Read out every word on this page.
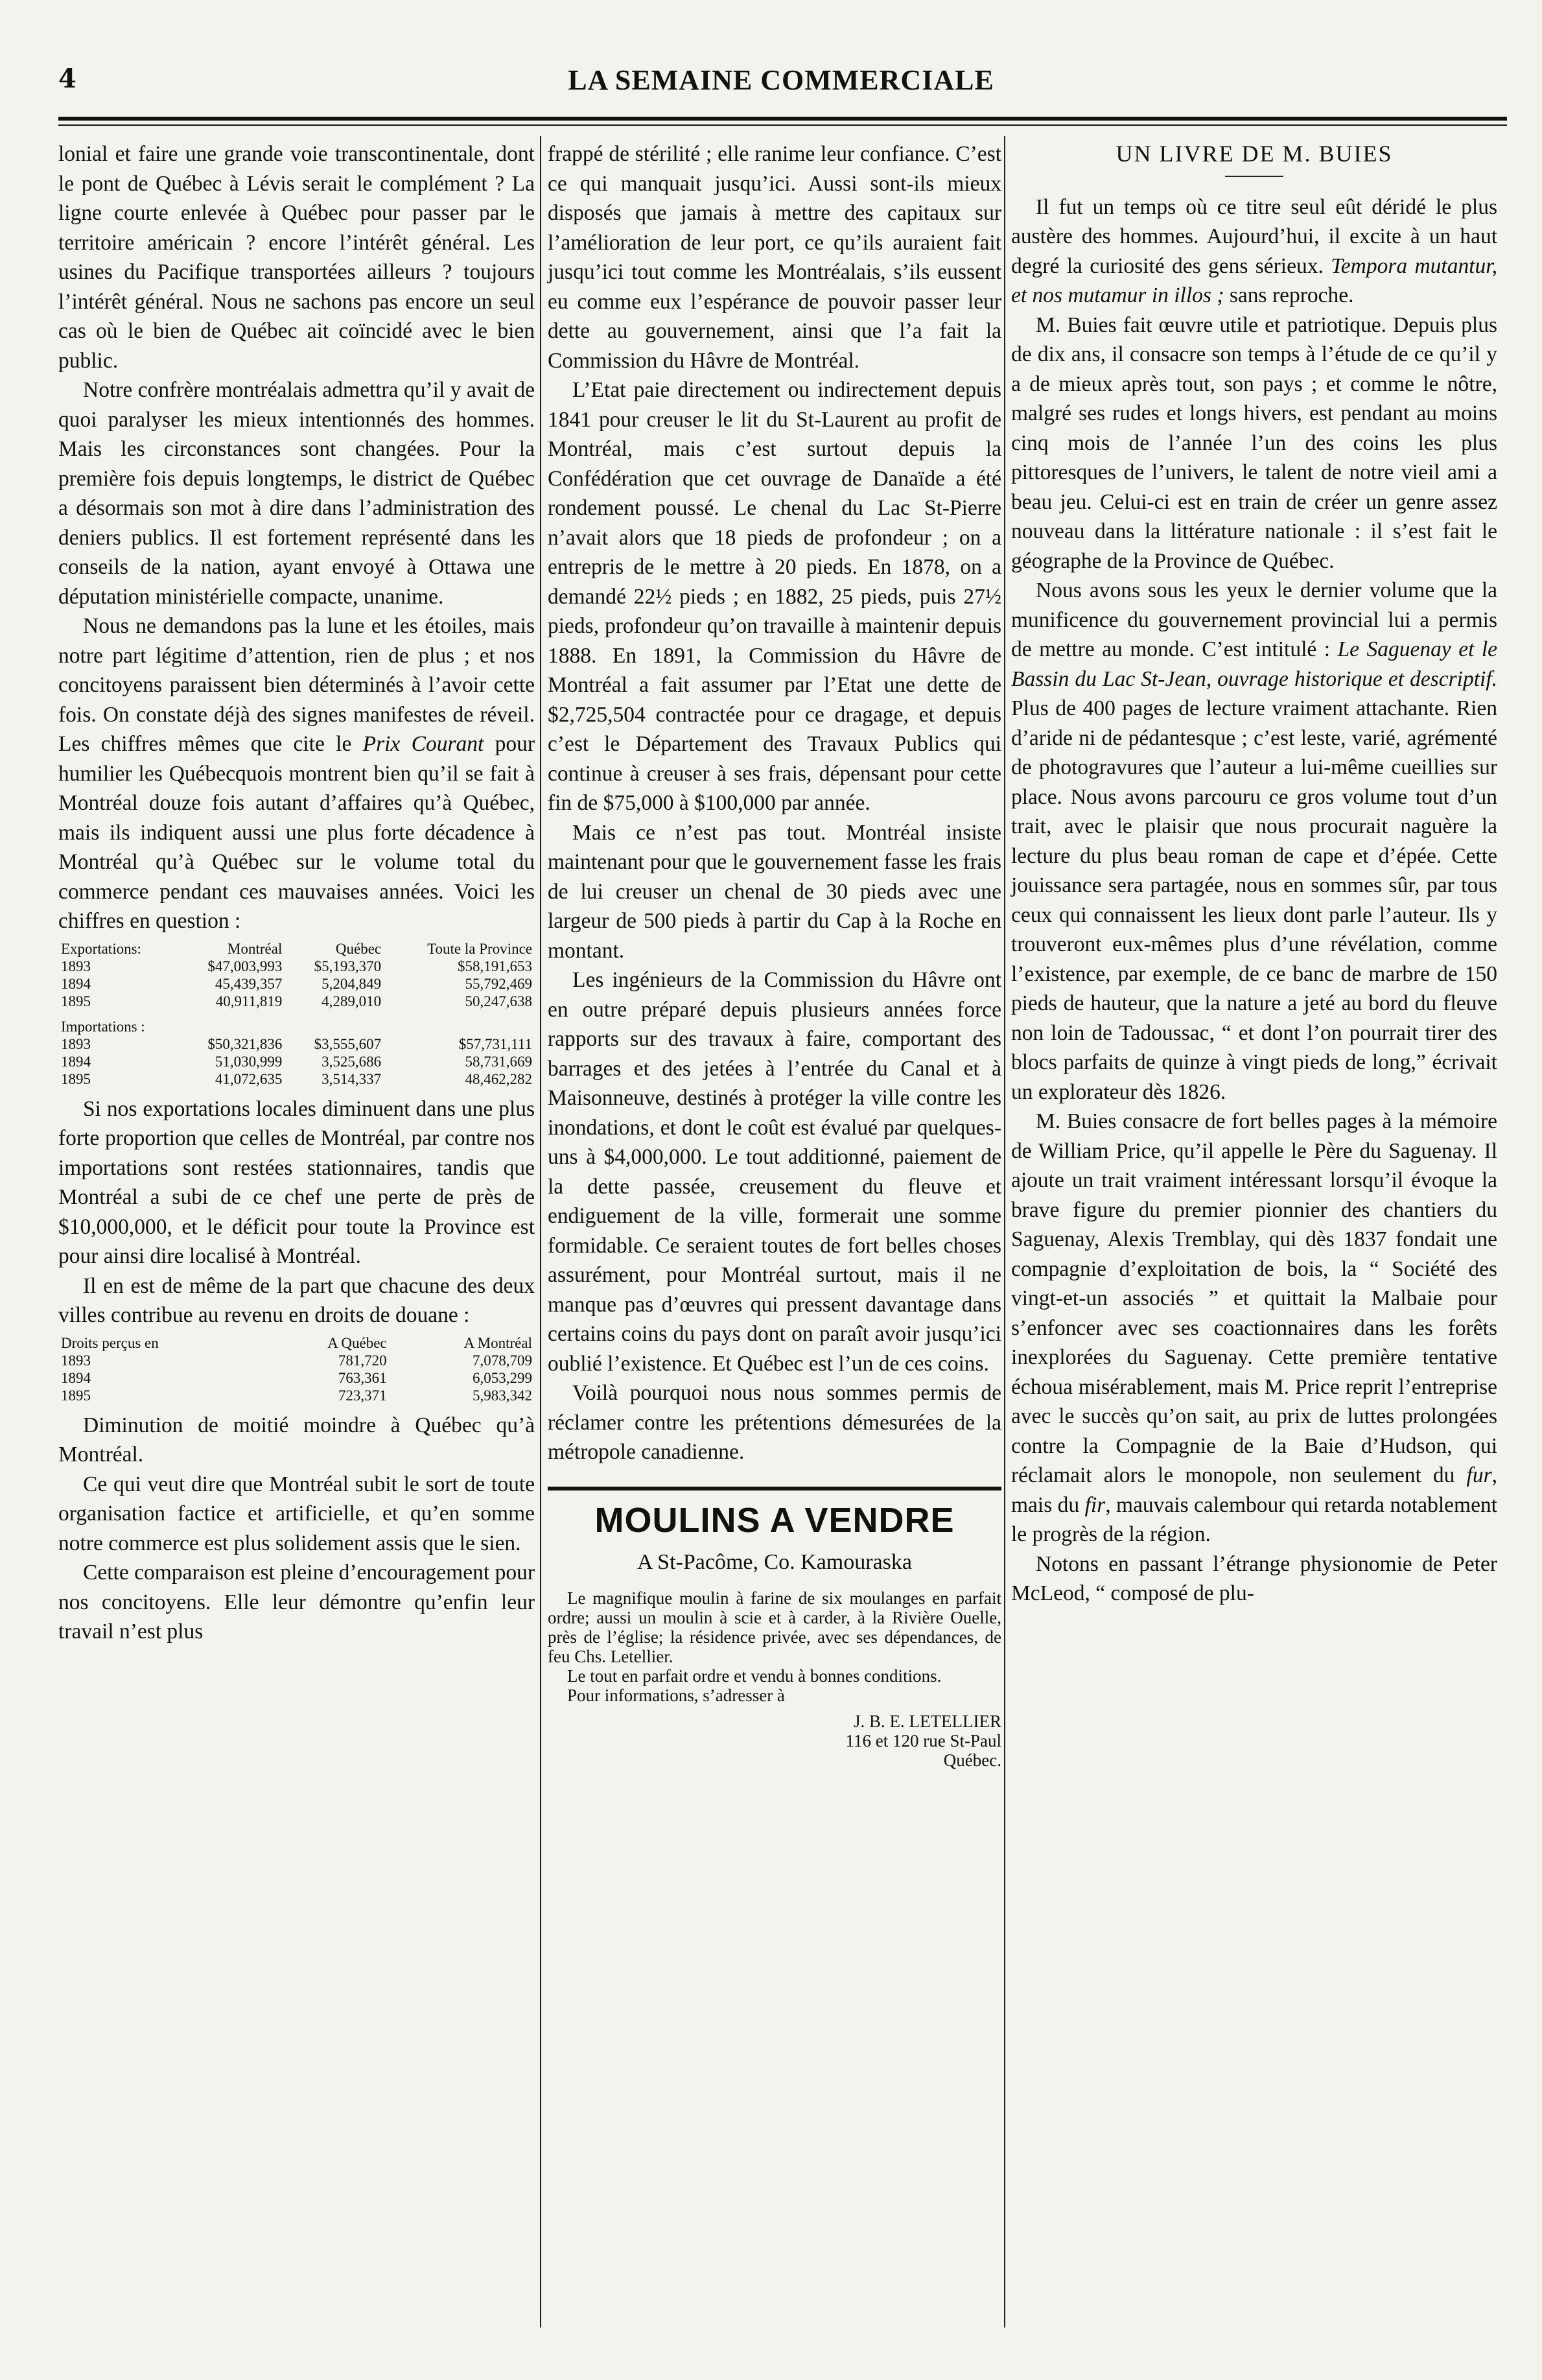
4	LA SEMAINE COMMERCIALE

lonial et faire une grande voie transcontinentale, dont le pont de Québec à Lévis serait le complément ? La ligne courte enlevée à Québec pour passer par le territoire américain ? encore l’intérêt général. Les usines du Pacifique transportées ailleurs ? toujours l’intérêt général. Nous ne sachons pas encore un seul cas où le bien de Québec ait coïncidé avec le bien public.

Notre confrère montréalais admettra qu’il y avait de quoi paralyser les mieux intentionnés des hommes. Mais les circonstances sont changées. Pour la première fois depuis longtemps, le district de Québec a désormais son mot à dire dans l’administration des deniers publics. Il est fortement représenté dans les conseils de la nation, ayant envoyé à Ottawa une députation ministérielle compacte, unanime.

Nous ne demandons pas la lune et les étoiles, mais notre part légitime d’attention, rien de plus ; et nos concitoyens paraissent bien déterminés à l’avoir cette fois. On constate déjà des signes manifestes de réveil. Les chiffres mêmes que cite le Prix Courant pour humilier les Québecquois montrent bien qu’il se fait à Montréal douze fois autant d’affaires qu’à Québec, mais ils indiquent aussi une plus forte décadence à Montréal qu’à Québec sur le volume total du commerce pendant ces mauvaises années. Voici les chiffres en question :

Exportations:	Montréal	Québec	Toute la Province
1893	$47,003,993	$5,193,370	$58,191,653
1894	45,439,357	5,204,849	55,792,469
1895	40,911,819	4,289,010	50,247,638
Importations :			
1893	$50,321,836	$3,555,607	$57,731,111
1894	51,030,999	3,525,686	58,731,669
1895	41,072,635	3,514,337	48,462,282

Si nos exportations locales diminuent dans une plus forte proportion que celles de Montréal, par contre nos importations sont restées stationnaires, tandis que Montréal a subi de ce chef une perte de près de $10,000,000, et le déficit pour toute la Province est pour ainsi dire localisé à Montréal.

Il en est de même de la part que chacune des deux villes contribue au revenu en droits de douane :

Droits perçus en	A Québec	A Montréal
1893	781,720	7,078,709
1894	763,361	6,053,299
1895	723,371	5,983,342

Diminution de moitié moindre à Québec qu’à Montréal.

Ce qui veut dire que Montréal subit le sort de toute organisation factice et artificielle, et qu’en somme notre commerce est plus solidement assis que le sien.

Cette comparaison est pleine d’encouragement pour nos concitoyens. Elle leur démontre qu’enfin leur travail n’est plus

frappé de stérilité ; elle ranime leur confiance. C’est ce qui manquait jusqu’ici. Aussi sont-ils mieux disposés que jamais à mettre des capitaux sur l’amélioration de leur port, ce qu’ils auraient fait jusqu’ici tout comme les Montréalais, s’ils eussent eu comme eux l’espérance de pouvoir passer leur dette au gouvernement, ainsi que l’a fait la Commission du Hâvre de Montréal.

L’Etat paie directement ou indirectement depuis 1841 pour creuser le lit du St-Laurent au profit de Montréal, mais c’est surtout depuis la Confédération que cet ouvrage de Danaïde a été rondement poussé. Le chenal du Lac St-Pierre n’avait alors que 18 pieds de profondeur ; on a entrepris de le mettre à 20 pieds. En 1878, on a demandé 22½ pieds ; en 1882, 25 pieds, puis 27½ pieds, profondeur qu’on travaille à maintenir depuis 1888. En 1891, la Commission du Hâvre de Montréal a fait assumer par l’Etat une dette de $2,725,504 contractée pour ce dragage, et depuis c’est le Département des Travaux Publics qui continue à creuser à ses frais, dépensant pour cette fin de $75,000 à $100,000 par année.

Mais ce n’est pas tout. Montréal insiste maintenant pour que le gouvernement fasse les frais de lui creuser un chenal de 30 pieds avec une largeur de 500 pieds à partir du Cap à la Roche en montant.

Les ingénieurs de la Commission du Hâvre ont en outre préparé depuis plusieurs années force rapports sur des travaux à faire, comportant des barrages et des jetées à l’entrée du Canal et à Maisonneuve, destinés à protéger la ville contre les inondations, et dont le coût est évalué par quelques-uns à $4,000,000. Le tout additionné, paiement de la dette passée, creusement du fleuve et endiguement de la ville, formerait une somme formidable. Ce seraient toutes de fort belles choses assurément, pour Montréal surtout, mais il ne manque pas d’œuvres qui pressent davantage dans certains coins du pays dont on paraît avoir jusqu’ici oublié l’existence. Et Québec est l’un de ces coins.

Voilà pourquoi nous nous sommes permis de réclamer contre les prétentions démesurées de la métropole canadienne.

MOULINS A VENDRE
A St-Pacôme, Co. Kamouraska

Le magnifique moulin à farine de six moulanges en parfait ordre; aussi un moulin à scie et à carder, à la Rivière Ouelle, près de l’église; la résidence privée, avec ses dépendances, de feu Chs. Letellier.

Le tout en parfait ordre et vendu à bonnes conditions.

Pour informations, s’adresser à

J. B. E. LETELLIER
116 et 120 rue St-Paul
Québec.
UN LIVRE DE M. BUIES

Il fut un temps où ce titre seul eût déridé le plus austère des hommes. Aujourd’hui, il excite à un haut degré la curiosité des gens sérieux. Tempora mutantur, et nos mutamur in illos ; sans reproche.

M. Buies fait œuvre utile et patriotique. Depuis plus de dix ans, il consacre son temps à l’étude de ce qu’il y a de mieux après tout, son pays ; et comme le nôtre, malgré ses rudes et longs hivers, est pendant au moins cinq mois de l’année l’un des coins les plus pittoresques de l’univers, le talent de notre vieil ami a beau jeu. Celui-ci est en train de créer un genre assez nouveau dans la littérature nationale : il s’est fait le géographe de la Province de Québec.

Nous avons sous les yeux le dernier volume que la munificence du gouvernement provincial lui a permis de mettre au monde. C’est intitulé : Le Saguenay et le Bassin du Lac St-Jean, ouvrage historique et descriptif. Plus de 400 pages de lecture vraiment attachante. Rien d’aride ni de pédantesque ; c’est leste, varié, agrémenté de photogravures que l’auteur a lui-même cueillies sur place. Nous avons parcouru ce gros volume tout d’un trait, avec le plaisir que nous procurait naguère la lecture du plus beau roman de cape et d’épée. Cette jouissance sera partagée, nous en sommes sûr, par tous ceux qui connaissent les lieux dont parle l’auteur. Ils y trouveront eux-mêmes plus d’une révélation, comme l’existence, par exemple, de ce banc de marbre de 150 pieds de hauteur, que la nature a jeté au bord du fleuve non loin de Tadoussac, “ et dont l’on pourrait tirer des blocs parfaits de quinze à vingt pieds de long,” écrivait un explorateur dès 1826.

M. Buies consacre de fort belles pages à la mémoire de William Price, qu’il appelle le Père du Saguenay. Il ajoute un trait vraiment intéressant lorsqu’il évoque la brave figure du premier pionnier des chantiers du Saguenay, Alexis Tremblay, qui dès 1837 fondait une compagnie d’exploitation de bois, la “ Société des vingt-et-un associés ” et quittait la Malbaie pour s’enfoncer avec ses coactionnaires dans les forêts inexplorées du Saguenay. Cette première tentative échoua misérablement, mais M. Price reprit l’entreprise avec le succès qu’on sait, au prix de luttes prolongées contre la Compagnie de la Baie d’Hudson, qui réclamait alors le monopole, non seulement du fur, mais du fir, mauvais calembour qui retarda notablement le progrès de la région.

Notons en passant l’étrange physionomie de Peter McLeod, “ composé de plu-
